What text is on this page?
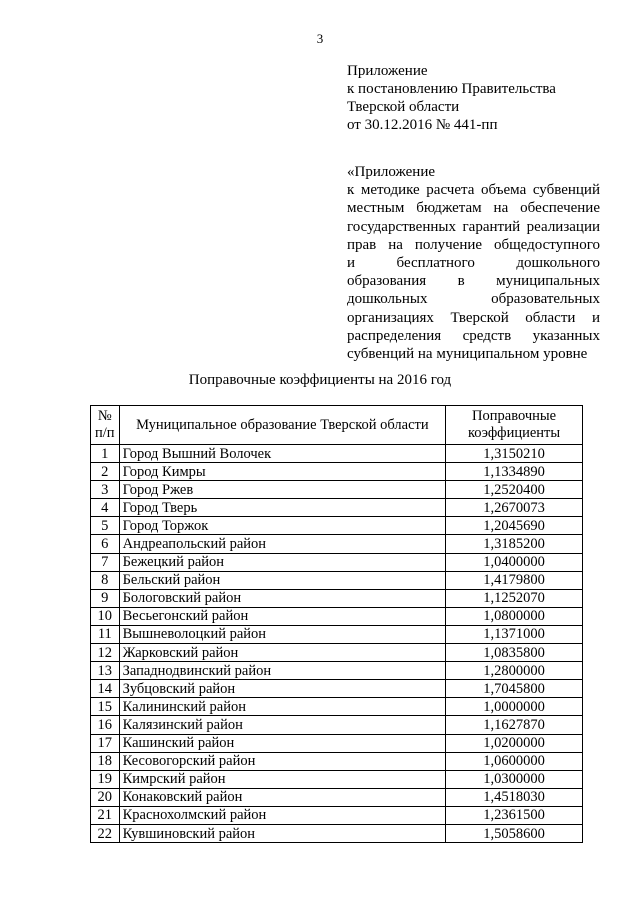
3
Приложение
к постановлению Правительства
Тверской области
от 30.12.2016 № 441-пп
«Приложение
к методике расчета объема субвенций
местным бюджетам на обеспечение
государственных гарантий реализации
прав на получение общедоступного
и бесплатного дошкольного
образования в муниципальных
дошкольных образовательных
организациях Тверской области и
распределения средств указанных
субвенций на муниципальном уровне
Поправочные коэффициенты на 2016 год
№ п/п	Муниципальное образование Тверской области	Поправочные коэффициенты
1	Город Вышний Волочек	1,3150210
2	Город Кимры	1,1334890
3	Город Ржев	1,2520400
4	Город Тверь	1,2670073
5	Город Торжок	1,2045690
6	Андреапольский район	1,3185200
7	Бежецкий район	1,0400000
8	Бельский район	1,4179800
9	Бологовский район	1,1252070
10	Весьегонский район	1,0800000
11	Вышневолоцкий район	1,1371000
12	Жарковский район	1,0835800
13	Западнодвинский район	1,2800000
14	Зубцовский район	1,7045800
15	Калининский район	1,0000000
16	Калязинский район	1,1627870
17	Кашинский район	1,0200000
18	Кесовогорский район	1,0600000
19	Кимрский район	1,0300000
20	Конаковский район	1,4518030
21	Краснохолмский район	1,2361500
22	Кувшиновский район	1,5058600
